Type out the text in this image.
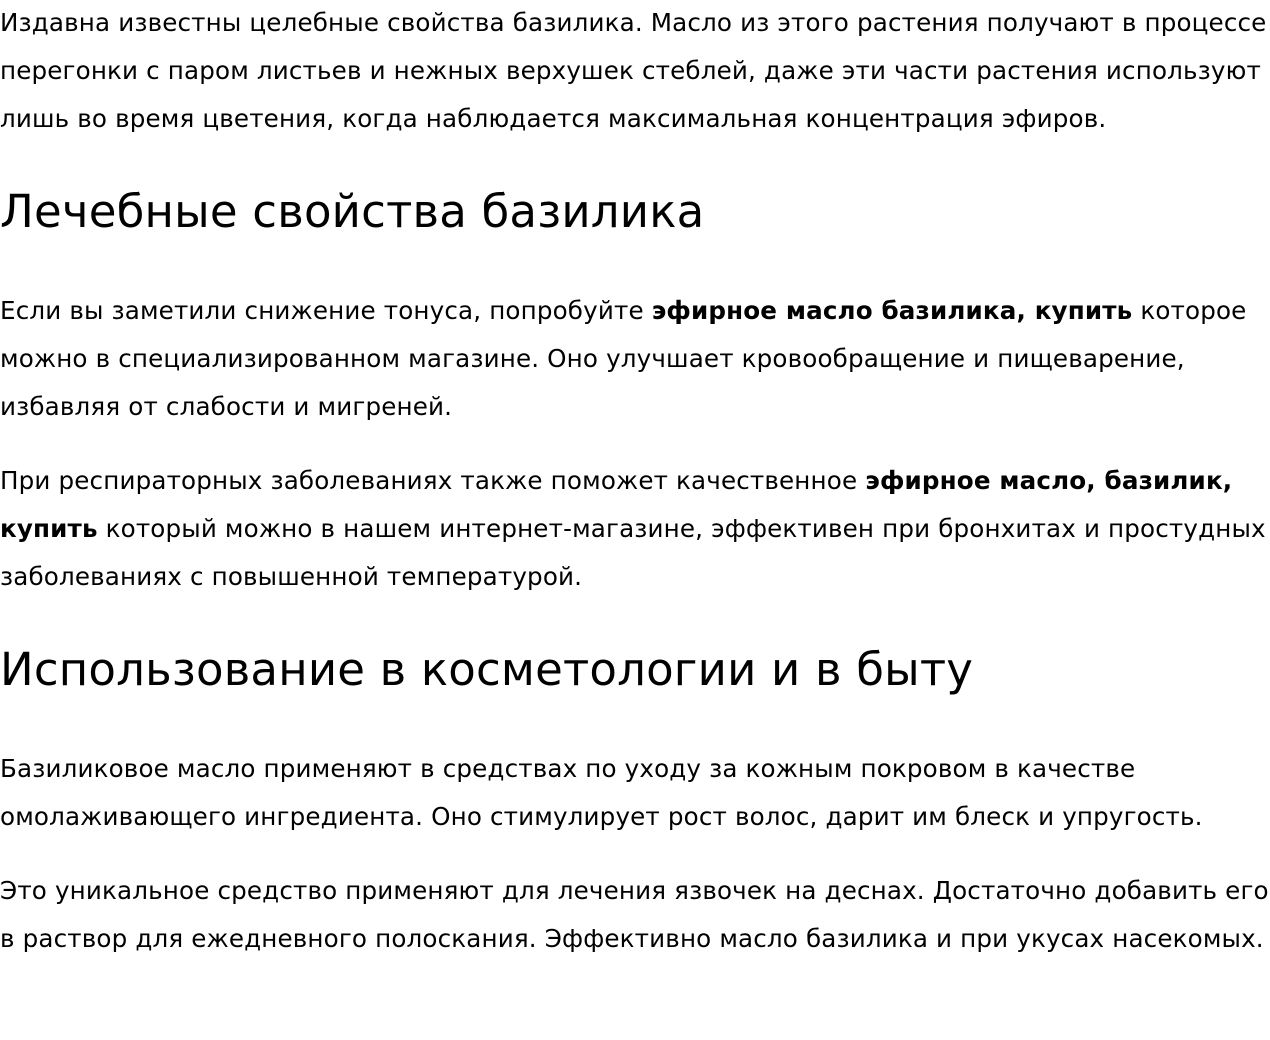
Издавна известны целебные свойства базилика. Масло из этого растения получают в процессе перегонки с паром листьев и нежных верхушек стеблей, даже эти части растения используют лишь во время цветения, когда наблюдается максимальная концентрация эфиров.

Лечебные свойства базилика

Если вы заметили снижение тонуса, попробуйте эфирное масло базилика, купить которое можно в специализированном магазине. Оно улучшает кровообращение и пищеварение, избавляя от слабости и мигреней.

При респираторных заболеваниях также поможет качественное эфирное масло, базилик, купить который можно в нашем интернет-магазине, эффективен при бронхитах и простудных заболеваниях с повышенной температурой.

Использование в косметологии и в быту

Базиликовое масло применяют в средствах по уходу за кожным покровом в качестве омолаживающего ингредиента. Оно стимулирует рост волос, дарит им блеск и упругость.

Это уникальное средство применяют для лечения язвочек на деснах. Достаточно добавить его в раствор для ежедневного полоскания. Эффективно масло базилика и при укусах насекомых.
